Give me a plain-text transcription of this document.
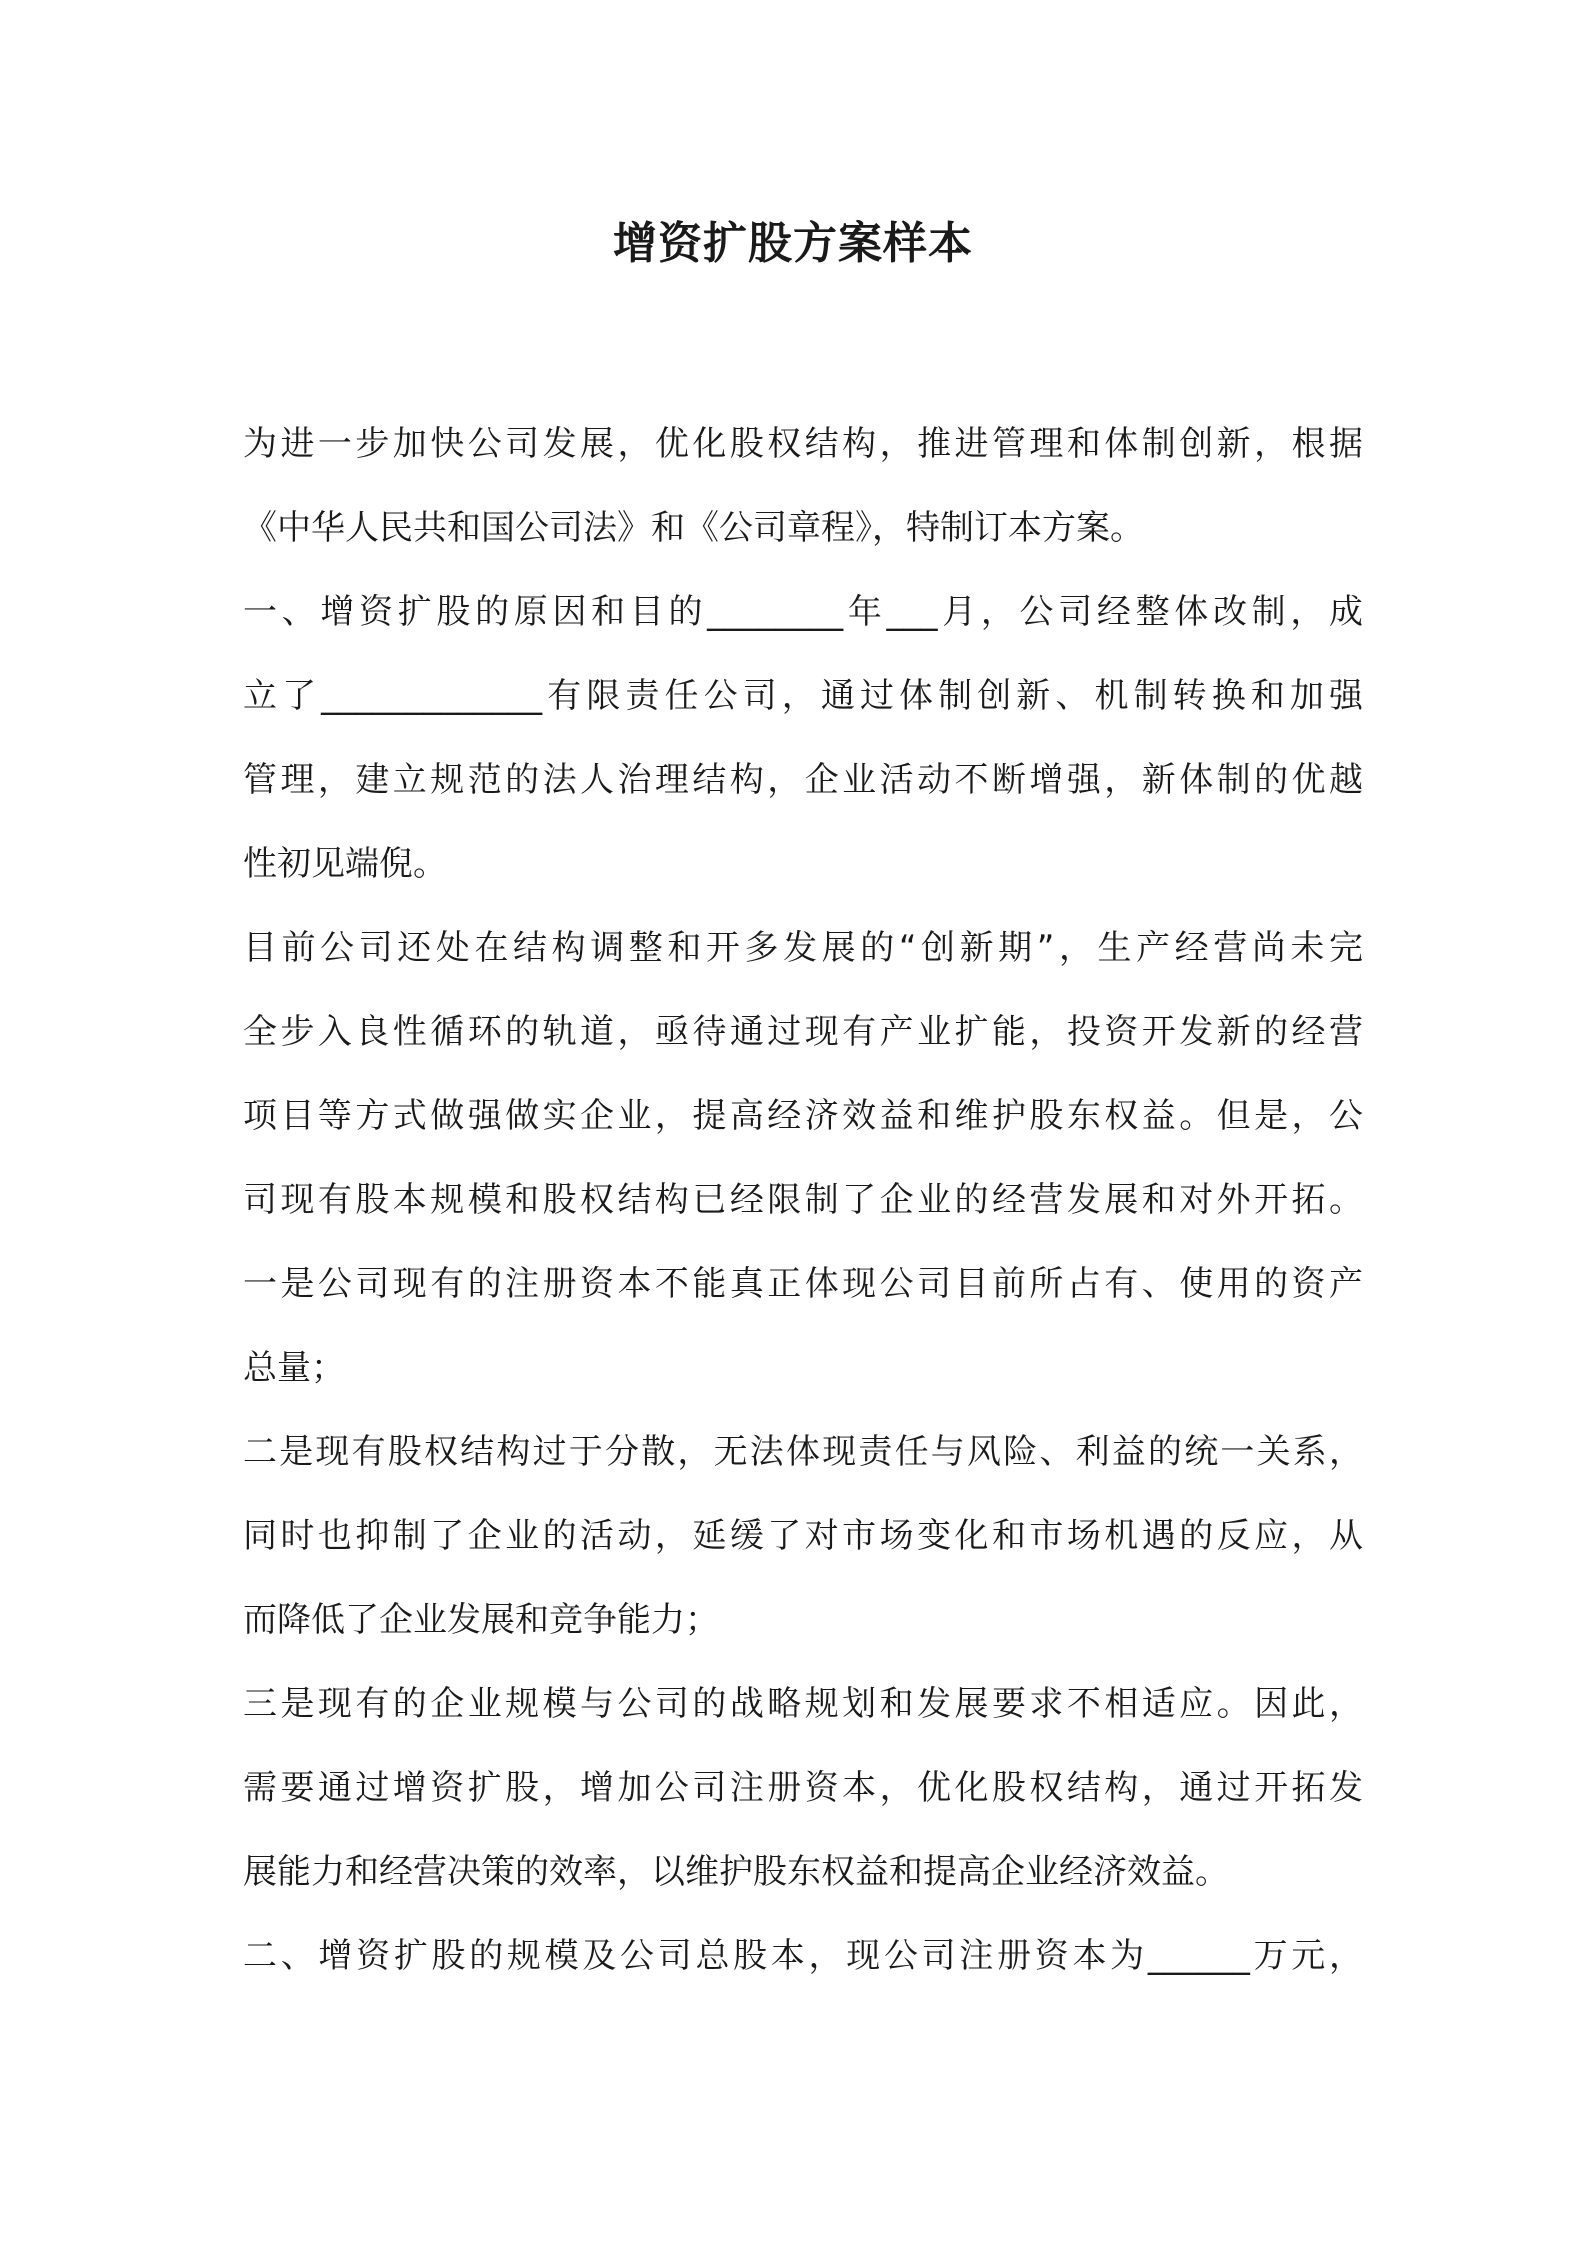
增资扩股方案样本
为进一步加快公司发展，优化股权结构，推进管理和体制创新，根据
《中华人民共和国公司法》和《公司章程》，特制订本方案。
一、增资扩股的原因和目的________年___月，公司经整体改制，成
立了_____________有限责任公司，通过体制创新、机制转换和加强
管理，建立规范的法人治理结构，企业活动不断增强，新体制的优越
性初见端倪。
目前公司还处在结构调整和开多发展的“创新期”，生产经营尚未完
全步入良性循环的轨道，亟待通过现有产业扩能，投资开发新的经营
项目等方式做强做实企业，提高经济效益和维护股东权益。但是，公
司现有股本规模和股权结构已经限制了企业的经营发展和对外开拓。
一是公司现有的注册资本不能真正体现公司目前所占有、使用的资产
总量；
二是现有股权结构过于分散，无法体现责任与风险、利益的统一关系，
同时也抑制了企业的活动，延缓了对市场变化和市场机遇的反应，从
而降低了企业发展和竞争能力；
三是现有的企业规模与公司的战略规划和发展要求不相适应。因此，
需要通过增资扩股，增加公司注册资本，优化股权结构，通过开拓发
展能力和经营决策的效率，以维护股东权益和提高企业经济效益。
二、增资扩股的规模及公司总股本，现公司注册资本为______万元，
